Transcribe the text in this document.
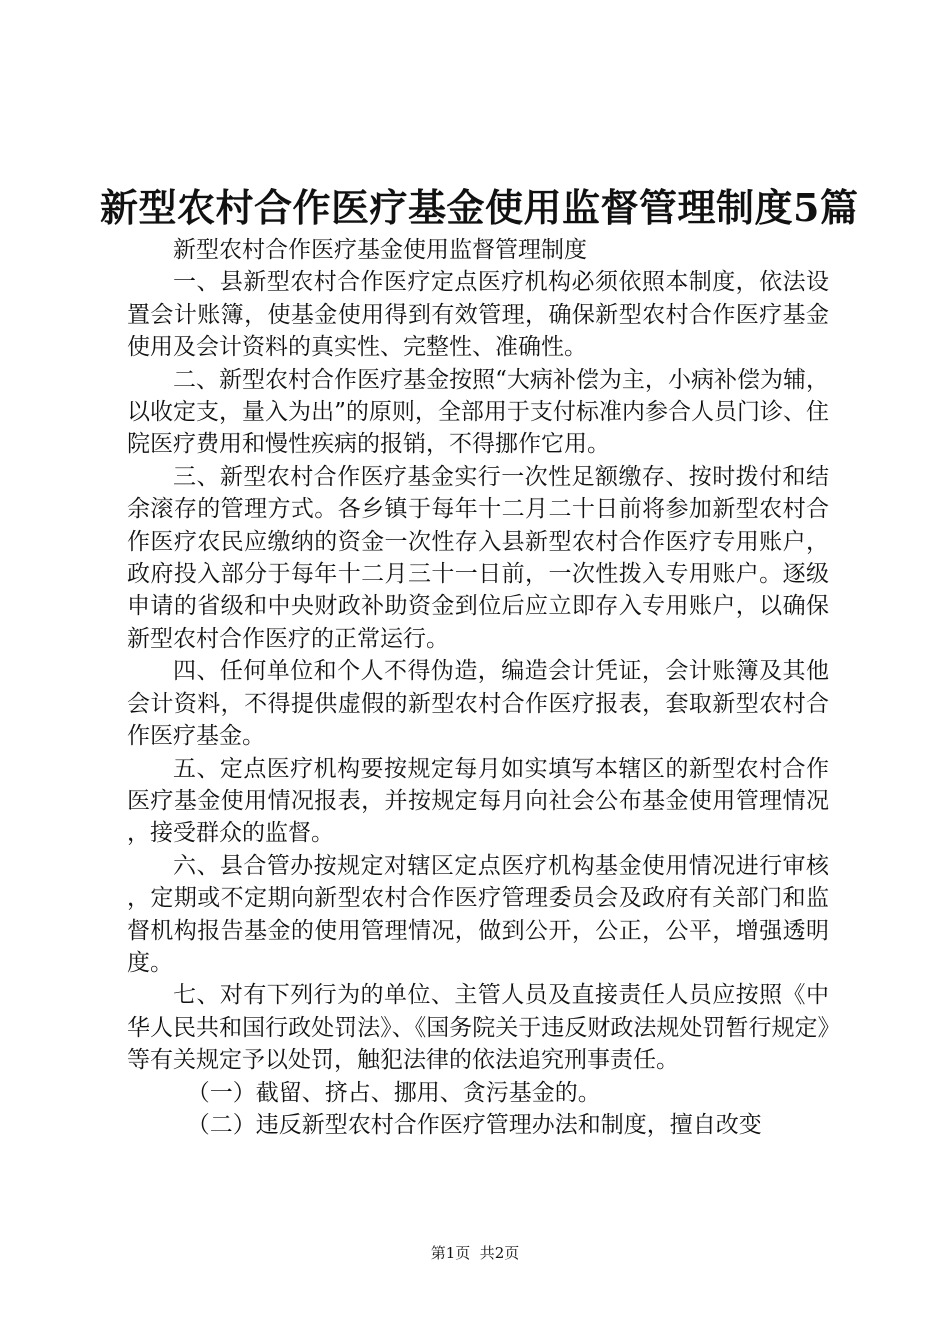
新型农村合作医疗基金使用监督管理制度5篇

新型农村合作医疗基金使用监督管理制度

一、县新型农村合作医疗定点医疗机构必须依照本制度，依法设置会计账簿，使基金使用得到有效管理，确保新型农村合作医疗基金使用及会计资料的真实性、完整性、准确性。

二、新型农村合作医疗基金按照“大病补偿为主，小病补偿为辅，以收定支，量入为出”的原则，全部用于支付标准内参合人员门诊、住院医疗费用和慢性疾病的报销，不得挪作它用。

三、新型农村合作医疗基金实行一次性足额缴存、按时拨付和结余滚存的管理方式。各乡镇于每年十二月二十日前将参加新型农村合作医疗农民应缴纳的资金一次性存入县新型农村合作医疗专用账户，政府投入部分于每年十二月三十一日前，一次性拨入专用账户。逐级申请的省级和中央财政补助资金到位后应立即存入专用账户，以确保新型农村合作医疗的正常运行。

四、任何单位和个人不得伪造，编造会计凭证，会计账簿及其他会计资料，不得提供虚假的新型农村合作医疗报表，套取新型农村合作医疗基金。

五、定点医疗机构要按规定每月如实填写本辖区的新型农村合作医疗基金使用情况报表，并按规定每月向社会公布基金使用管理情况，接受群众的监督。

六、县合管办按规定对辖区定点医疗机构基金使用情况进行审核，定期或不定期向新型农村合作医疗管理委员会及政府有关部门和监督机构报告基金的使用管理情况，做到公开，公正，公平，增强透明度。

七、对有下列行为的单位、主管人员及直接责任人员应按照《中华人民共和国行政处罚法》、《国务院关于违反财政法规处罚暂行规定》等有关规定予以处罚，触犯法律的依法追究刑事责任。

（一）截留、挤占、挪用、贪污基金的。

（二）违反新型农村合作医疗管理办法和制度，擅自改变

第1页  共2页
